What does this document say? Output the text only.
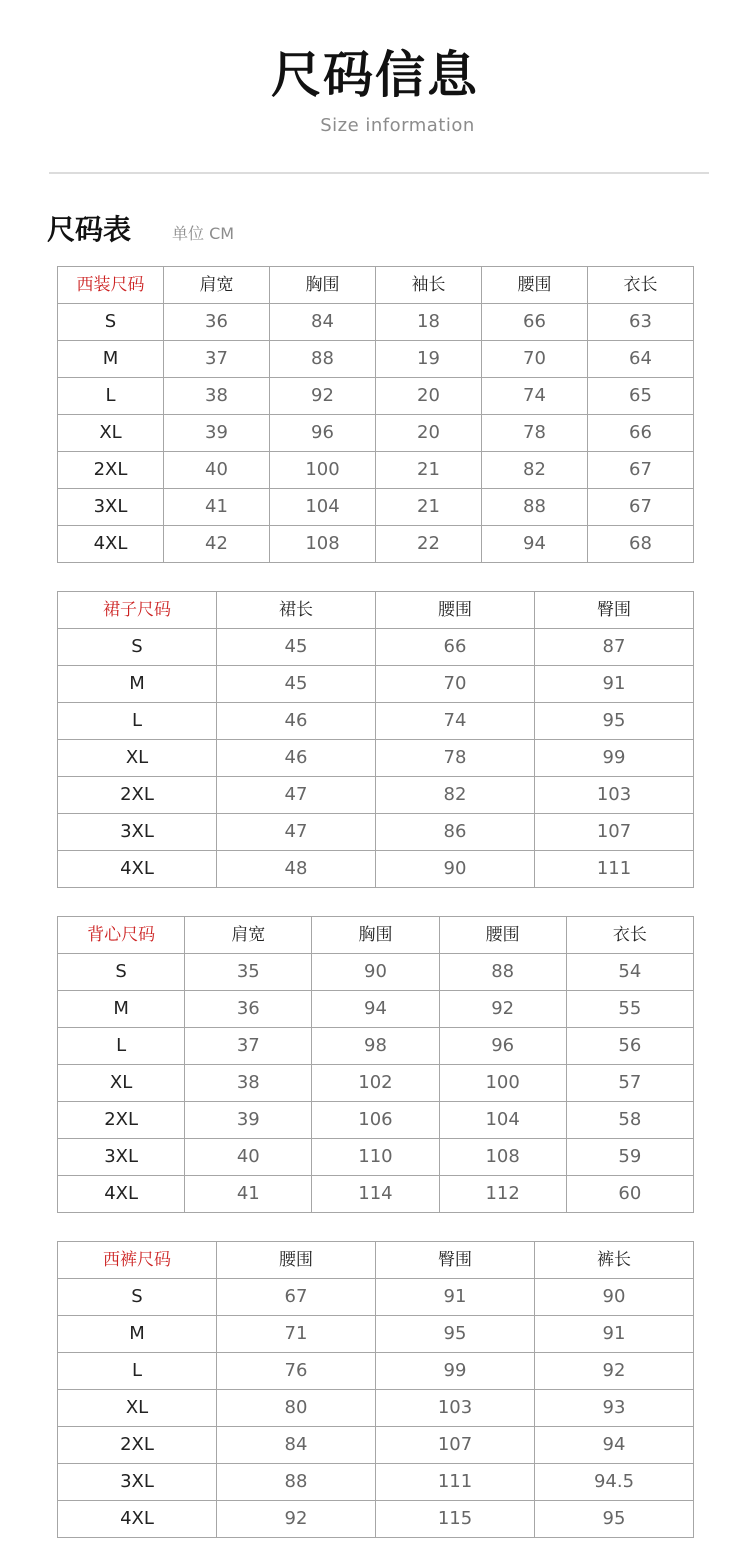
尺码信息
Size information
尺码表	单位 CM
西装尺码	肩宽	胸围	袖长	腰围	衣长
S	36	84	18	66	63
M	37	88	19	70	64
L	38	92	20	74	65
XL	39	96	20	78	66
2XL	40	100	21	82	67
3XL	41	104	21	88	67
4XL	42	108	22	94	68
裙子尺码	裙长	腰围	臀围
S	45	66	87
M	45	70	91
L	46	74	95
XL	46	78	99
2XL	47	82	103
3XL	47	86	107
4XL	48	90	111
背心尺码	肩宽	胸围	腰围	衣长
S	35	90	88	54
M	36	94	92	55
L	37	98	96	56
XL	38	102	100	57
2XL	39	106	104	58
3XL	40	110	108	59
4XL	41	114	112	60
西裤尺码	腰围	臀围	裤长
S	67	91	90
M	71	95	91
L	76	99	92
XL	80	103	93
2XL	84	107	94
3XL	88	111	94.5
4XL	92	115	95
